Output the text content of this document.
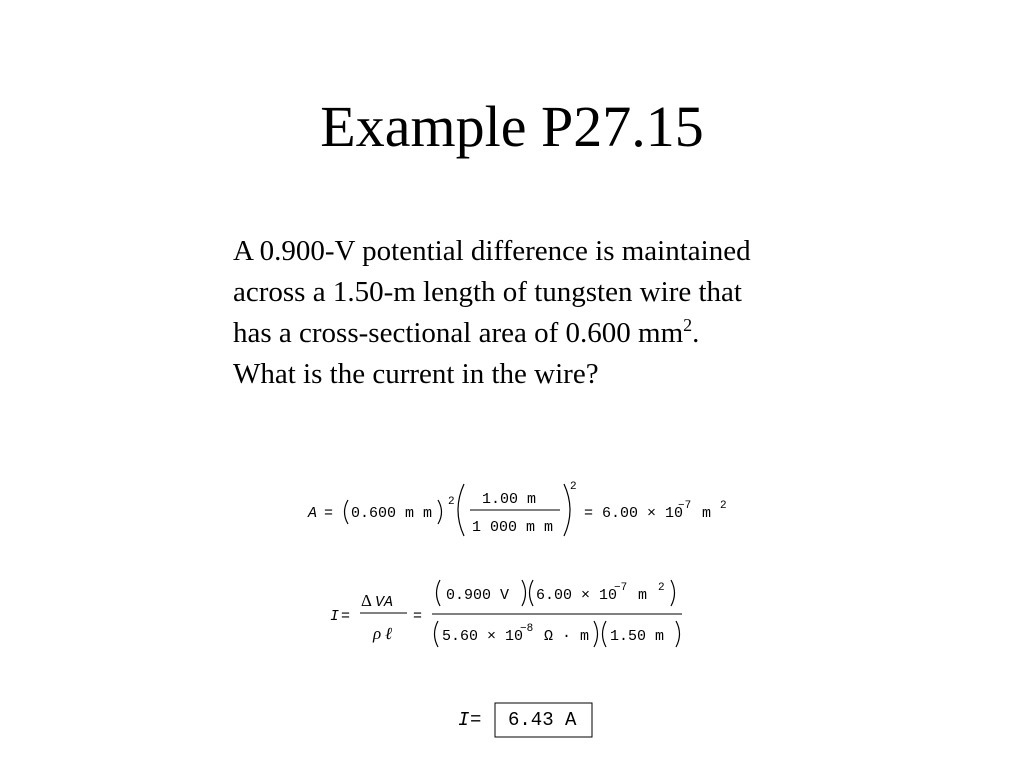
Example P27.15
A 0.900-V potential difference is maintained
across a 1.50-m length of tungsten wire that
has a cross-sectional area of 0.600 $mm^2$.
What is the current in the wire?
A = 0.600 m m
2 1.00 m
1 000 m m
2
= 6.00 × 10
−7 m 2
I =
Δ VA
ρ ℓ
=
0.900 V 6.00 × 10
−7 m 2
5.60 × 10
−8 Ω · m 1.50 m
I = 6.43 A
